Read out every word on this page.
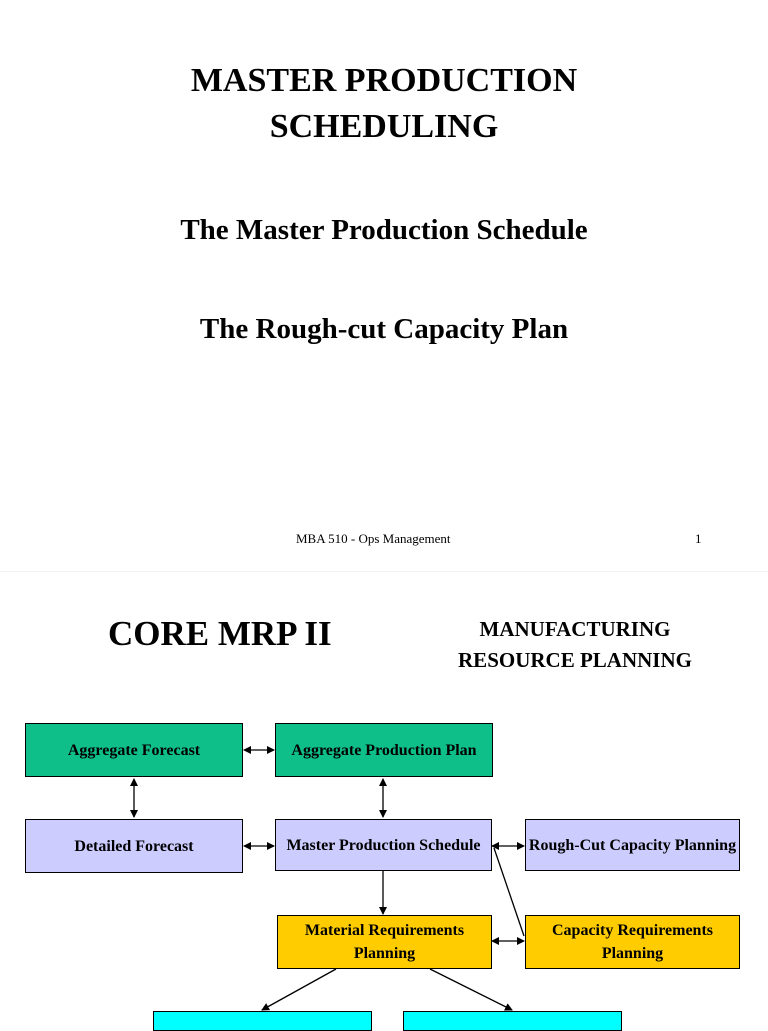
MASTER PRODUCTION
SCHEDULING
The Master Production Schedule
The Rough-cut Capacity Plan
MBA 510 - Ops Management	1
CORE MRP II	MANUFACTURING
RESOURCE PLANNING
Aggregate Forecast	Aggregate Production Plan
Detailed Forecast	Master Production Schedule	Rough-Cut Capacity Planning
Material Requirements Planning
Capacity Requirements Planning
